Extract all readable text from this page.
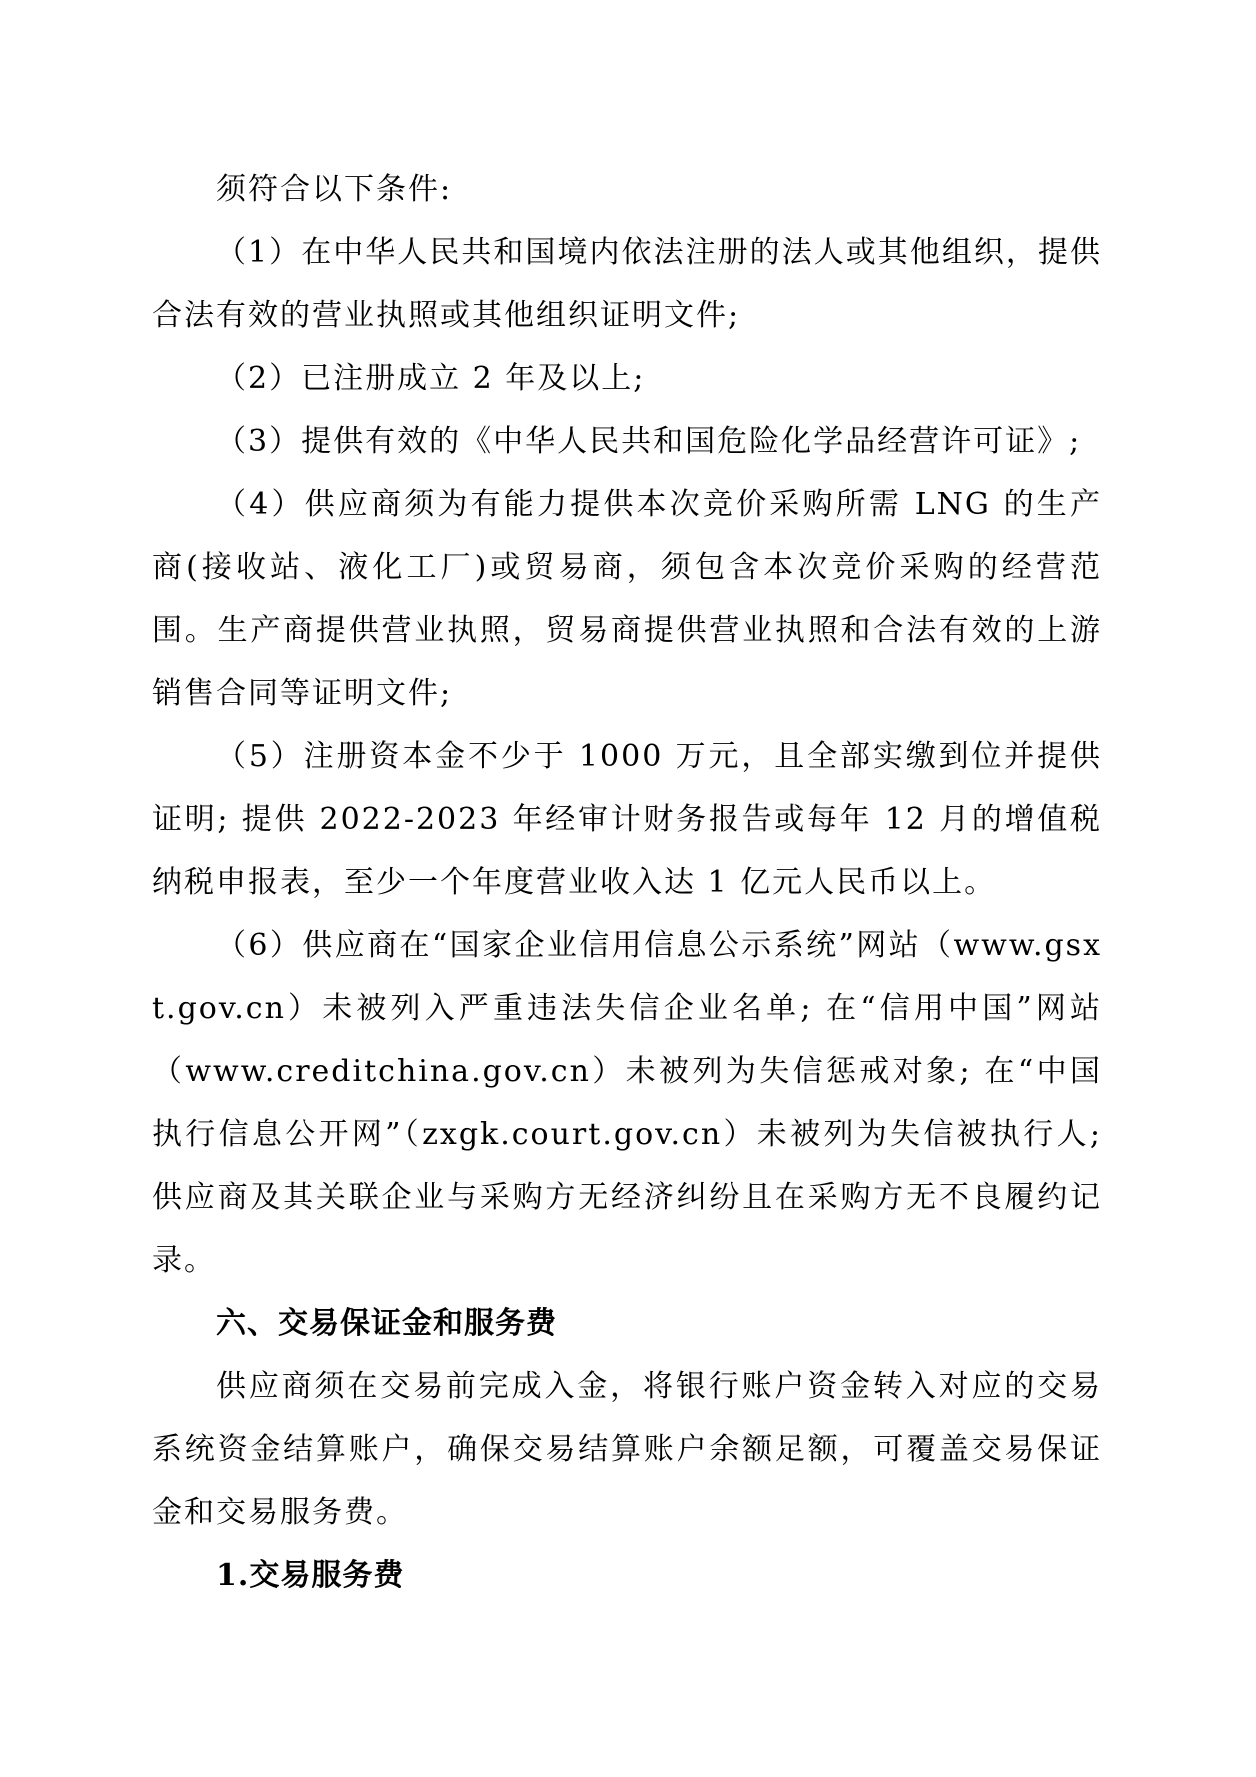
须符合以下条件:

（1）在中华人民共和国境内依法注册的法人或其他组织，提供合法有效的营业执照或其他组织证明文件;

（2）已注册成立 2 年及以上;

（3）提供有效的《中华人民共和国危险化学品经营许可证》;

（4）供应商须为有能力提供本次竞价采购所需 LNG 的生产商(接收站、液化工厂)或贸易商，须包含本次竞价采购的经营范围。生产商提供营业执照，贸易商提供营业执照和合法有效的上游销售合同等证明文件;

（5）注册资本金不少于 1000 万元，且全部实缴到位并提供证明; 提供 2022-2023 年经审计财务报告或每年 12 月的增值税纳税申报表，至少一个年度营业收入达 1 亿元人民币以上。

（6）供应商在“国家企业信用信息公示系统”网站（www.gsxt.gov.cn）未被列入严重违法失信企业名单; 在“信用中国”网站（www.creditchina.gov.cn）未被列为失信惩戒对象; 在“中国执行信息公开网”（zxgk.court.gov.cn）未被列为失信被执行人; 供应商及其关联企业与采购方无经济纠纷且在采购方无不良履约记录。

六、交易保证金和服务费

供应商须在交易前完成入金，将银行账户资金转入对应的交易系统资金结算账户，确保交易结算账户余额足额，可覆盖交易保证金和交易服务费。

1.交易服务费
